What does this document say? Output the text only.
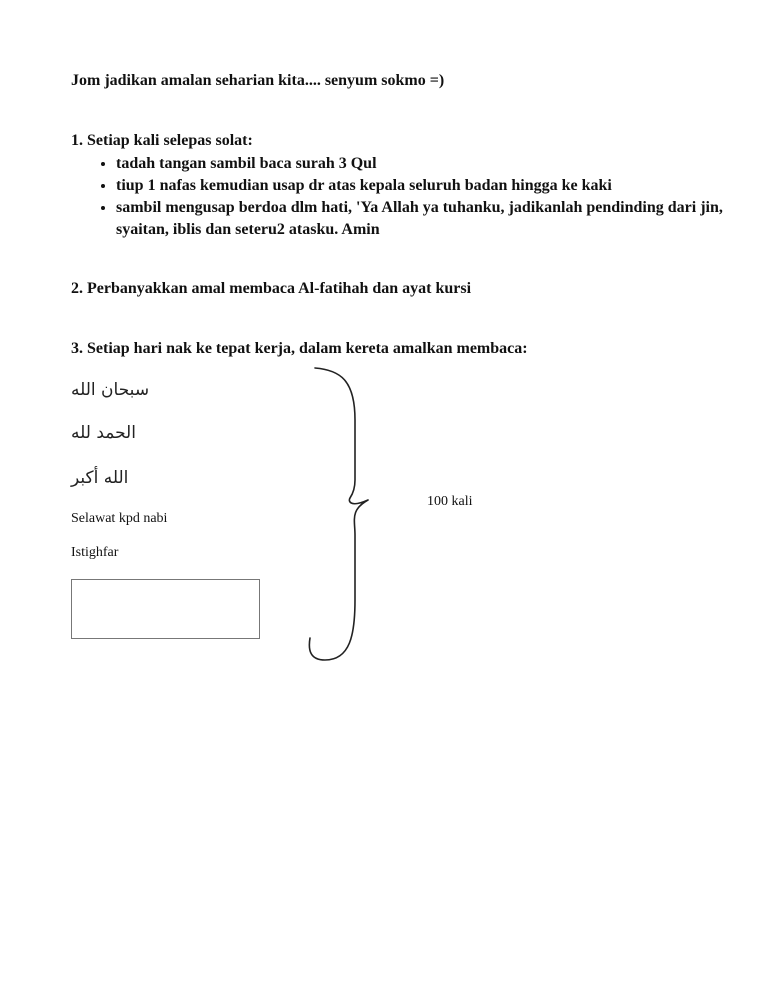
Jom jadikan amalan seharian kita.... senyum sokmo =)
1. Setiap kali selepas solat:
• tadah tangan sambil baca surah 3 Qul
• tiup 1 nafas kemudian usap dr atas kepala seluruh badan hingga ke kaki
• sambil mengusap berdoa dlm hati, 'Ya Allah ya tuhanku, jadikanlah pendinding dari jin, syaitan, iblis dan seteru2 atasku. Amin
2. Perbanyakkan amal membaca Al-fatihah dan ayat kursi
3. Setiap hari nak ke tepat kerja, dalam kereta amalkan membaca:
سبحان الله
الحمد لله
الله أكبر
Selawat kpd nabi
Istighfar
100 kali
